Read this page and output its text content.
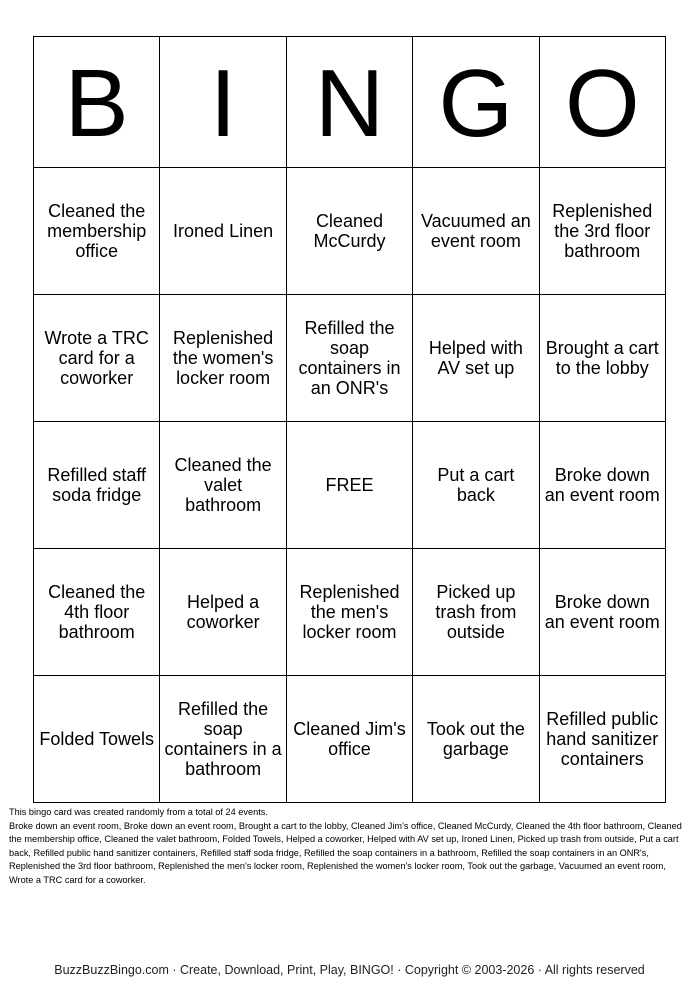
B	I	N	G	O
Cleaned the membership office	Ironed Linen	Cleaned McCurdy	Vacuumed an event room	Replenished the 3rd floor bathroom
Wrote a TRC card for a coworker	Replenished the women's locker room	Refilled the soap containers in an ONR's	Helped with AV set up	Brought a cart to the lobby
Refilled staff soda fridge	Cleaned the valet bathroom	FREE	Put a cart back	Broke down an event room
Cleaned the 4th floor bathroom	Helped a coworker	Replenished the men's locker room	Picked up trash from outside	Broke down an event room
Folded Towels	Refilled the soap containers in a bathroom	Cleaned Jim's office	Took out the garbage	Refilled public hand sanitizer containers

This bingo card was created randomly from a total of 24 events.

Broke down an event room, Broke down an event room, Brought a cart to the lobby, Cleaned Jim's office, Cleaned McCurdy, Cleaned the 4th floor bathroom, Cleaned the membership office, Cleaned the valet bathroom, Folded Towels, Helped a coworker, Helped with AV set up, Ironed Linen, Picked up trash from outside, Put a cart back, Refilled public hand sanitizer containers, Refilled staff soda fridge, Refilled the soap containers in a bathroom, Refilled the soap containers in an ONR's, Replenished the 3rd floor bathroom, Replenished the men's locker room, Replenished the women's locker room, Took out the garbage, Vacuumed an event room, Wrote a TRC card for a coworker.

BuzzBuzzBingo.com · Create, Download, Print, Play, BINGO! · Copyright © 2003-2026 · All rights reserved
